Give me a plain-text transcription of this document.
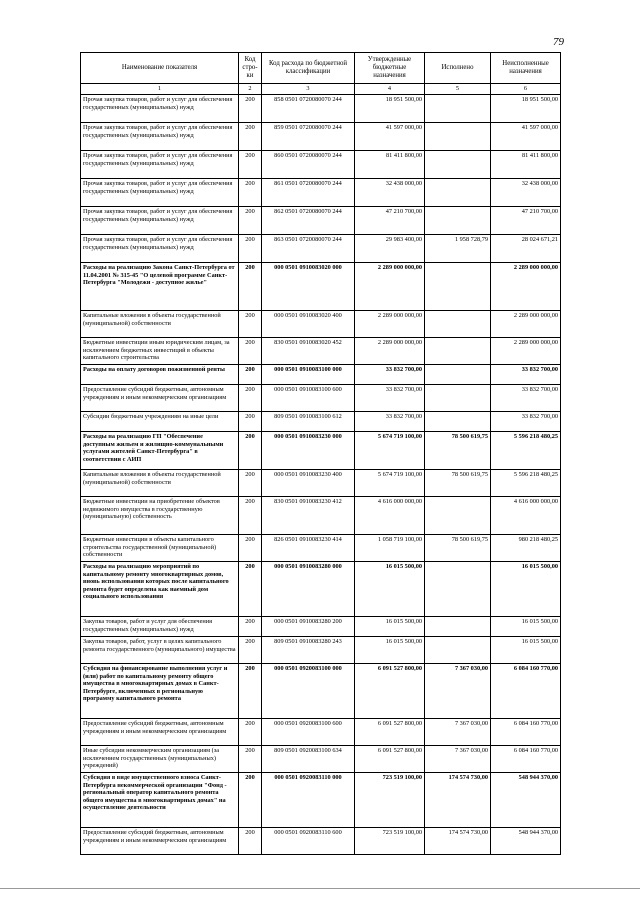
79
Наименование показателя	Код стро-ки	Код расхода по бюджетной классификации	Утвержденные бюджетные назначения	Исполнено	Неисполненные назначения
1	2	3	4	5	6
Прочая закупка товаров, работ и услуг для обеспечения государственных (муниципальных) нужд	200	858 0501 0720080070 244	18 951 500,00		18 951 500,00
Прочая закупка товаров, работ и услуг для обеспечения государственных (муниципальных) нужд	200	859 0501 0720080070 244	41 597 000,00		41 597 000,00
Прочая закупка товаров, работ и услуг для обеспечения государственных (муниципальных) нужд	200	860 0501 0720080070 244	81 411 800,00		81 411 800,00
Прочая закупка товаров, работ и услуг для обеспечения государственных (муниципальных) нужд	200	861 0501 0720080070 244	32 438 000,00		32 438 000,00
Прочая закупка товаров, работ и услуг для обеспечения государственных (муниципальных) нужд	200	862 0501 0720080070 244	47 210 700,00		47 210 700,00
Прочая закупка товаров, работ и услуг для обеспечения государственных (муниципальных) нужд	200	863 0501 0720080070 244	29 983 400,00	1 958 728,79	28 024 671,21
Расходы на реализацию Закона Санкт-Петербурга от 11.04.2001 № 315-45 "О целевой программе Санкт-Петербурга "Молодежи - доступное жилье"	200	000 0501 0910083020 000	2 289 000 000,00		2 289 000 000,00
Капитальные вложения в объекты государственной (муниципальной) собственности	200	000 0501 0910083020 400	2 289 000 000,00		2 289 000 000,00
Бюджетные инвестиции иным юридическим лицам, за исключением бюджетных инвестиций в объекты капитального строительства	200	830 0501 0910083020 452	2 289 000 000,00		2 289 000 000,00
Расходы на оплату договоров пожизненной ренты	200	000 0501 0910083100 000	33 832 700,00		33 832 700,00
Предоставление субсидий бюджетным, автономным учреждениям и иным некоммерческим организациям	200	000 0501 0910083100 600	33 832 700,00		33 832 700,00
Субсидии бюджетным учреждениям на иные цели	200	809 0501 0910083100 612	33 832 700,00		33 832 700,00
Расходы на реализацию ГП "Обеспечение доступным жильем и жилищно-коммунальными услугами жителей Санкт-Петербурга" в соответствии с АИП	200	000 0501 0910083230 000	5 674 719 100,00	78 500 619,75	5 596 218 480,25
Капитальные вложения в объекты государственной (муниципальной) собственности	200	000 0501 0910083230 400	5 674 719 100,00	78 500 619,75	5 596 218 480,25
Бюджетные инвестиции на приобретение объектов недвижимого имущества в государственную (муниципальную) собственность	200	830 0501 0910083230 412	4 616 000 000,00		4 616 000 000,00
Бюджетные инвестиции в объекты капитального строительства государственной (муниципальной) собственности	200	826 0501 0910083230 414	1 058 719 100,00	78 500 619,75	980 218 480,25
Расходы на реализацию мероприятий по капитальному ремонту многоквартирных домов, вновь использования которых после капитального ремонта будет определена как наемный дом социального использования	200	000 0501 0910083280 000	16 015 500,00		16 015 500,00
Закупка товаров, работ и услуг для обеспечения государственных (муниципальных) нужд	200	000 0501 0910083280 200	16 015 500,00		16 015 500,00
Закупка товаров, работ, услуг в целях капитального ремонта государственного (муниципального) имущества	200	809 0501 0910083280 243	16 015 500,00		16 015 500,00
Субсидия на финансирование выполнения услуг и (или) работ по капитальному ремонту общего имущества в многоквартирных домах в Санкт-Петербурге, включенных в региональную программу капитального ремонта	200	000 0501 0920083100 000	6 091 527 800,00	7 367 030,00	6 084 160 770,00
Предоставление субсидий бюджетным, автономным учреждениям и иным некоммерческим организациям	200	000 0501 0920083100 600	6 091 527 800,00	7 367 030,00	6 084 160 770,00
Иные субсидии некоммерческим организациям (за исключением государственных (муниципальных) учреждений)	200	809 0501 0920083100 634	6 091 527 800,00	7 367 030,00	6 084 160 770,00
Субсидия в виде имущественного взноса Санкт-Петербурга некоммерческой организации "Фонд - региональный оператор капитального ремонта общего имущества в многоквартирных домах" на осуществление деятельности	200	000 0501 0920083110 000	723 519 100,00	174 574 730,00	548 944 370,00
Предоставление субсидий бюджетным, автономным учреждениям и иным некоммерческим организациям	200	000 0501 0920083110 600	723 519 100,00	174 574 730,00	548 944 370,00
